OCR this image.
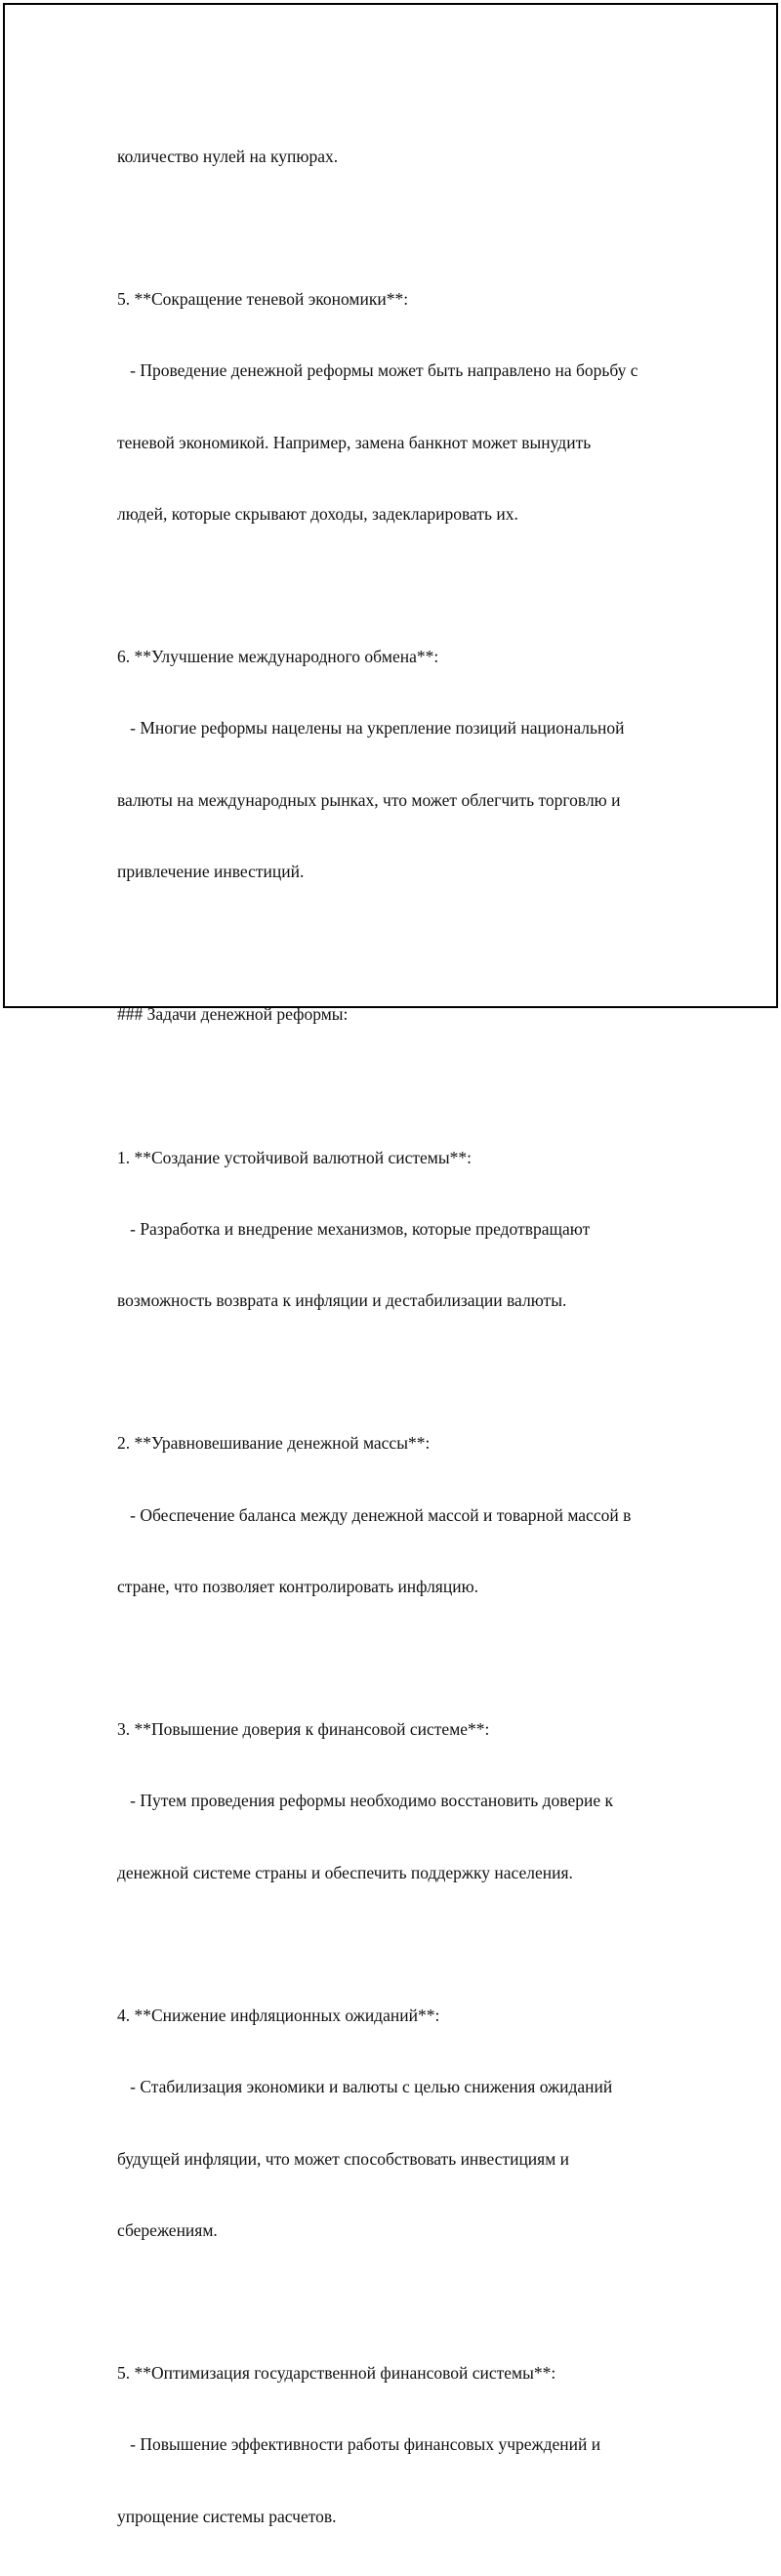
количество нулей на купюрах.

5. **Сокращение теневой экономики**:

- Проведение денежной реформы может быть направлено на борьбу с

теневой экономикой. Например, замена банкнот может вынудить

людей, которые скрывают доходы, задекларировать их.

6. **Улучшение международного обмена**:

- Многие реформы нацелены на укрепление позиций национальной

валюты на международных рынках, что может облегчить торговлю и

привлечение инвестиций.

### Задачи денежной реформы:

1. **Создание устойчивой валютной системы**:

- Разработка и внедрение механизмов, которые предотвращают

возможность возврата к инфляции и дестабилизации валюты.

2. **Уравновешивание денежной массы**:

- Обеспечение баланса между денежной массой и товарной массой в

стране, что позволяет контролировать инфляцию.

3. **Повышение доверия к финансовой системе**:

- Путем проведения реформы необходимо восстановить доверие к

денежной системе страны и обеспечить поддержку населения.

4. **Снижение инфляционных ожиданий**:

- Стабилизация экономики и валюты с целью снижения ожиданий

будущей инфляции, что может способствовать инвестициям и

сбережениям.

5. **Оптимизация государственной финансовой системы**:

- Повышение эффективности работы финансовых учреждений и

упрощение системы расчетов.
